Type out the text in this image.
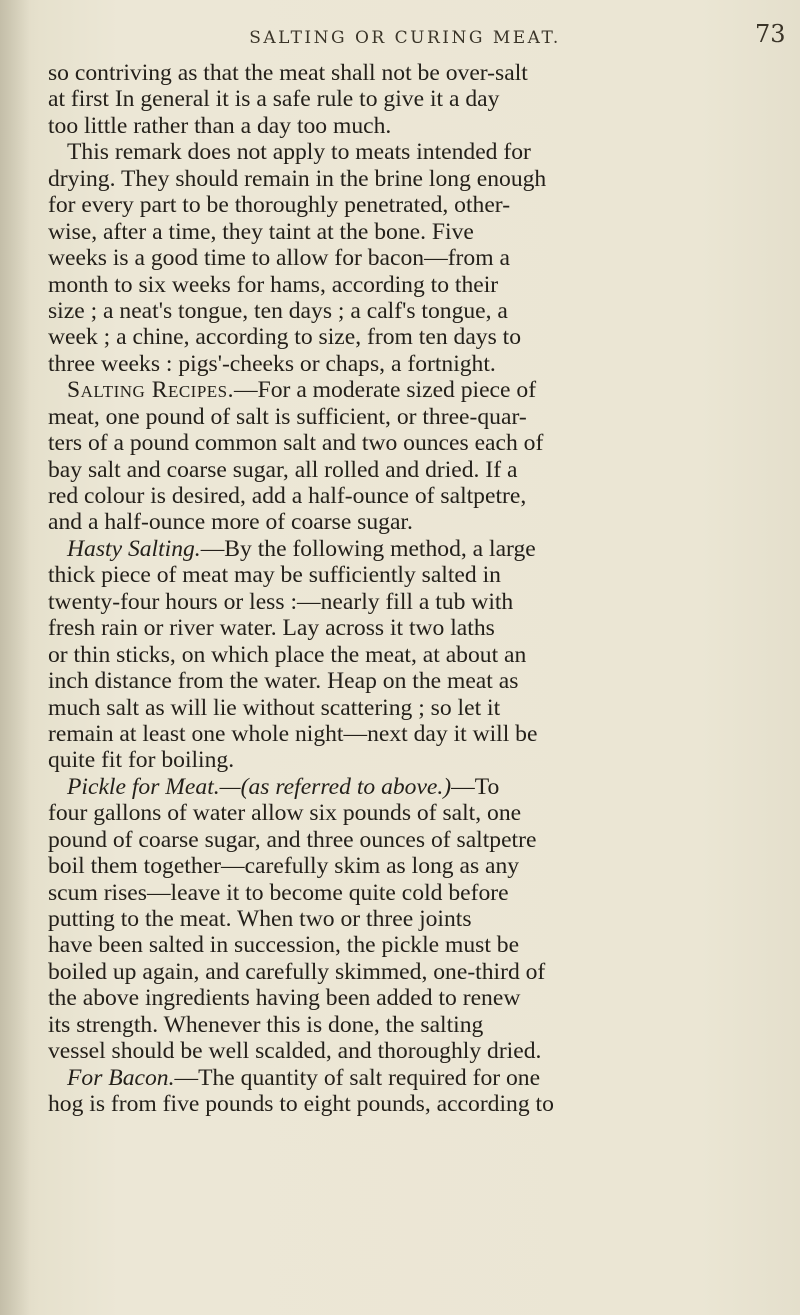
SALTING OR CURING MEAT.	73
so contriving as that the meat shall not be over-salt
at first In general it is a safe rule to give it a day
too little rather than a day too much.
This remark does not apply to meats intended for
drying. They should remain in the brine long enough
for every part to be thoroughly penetrated, other-
wise, after a time, they taint at the bone. Five
weeks is a good time to allow for bacon—from a
month to six weeks for hams, according to their
size ; a neat's tongue, ten days ; a calf's tongue, a
week ; a chine, according to size, from ten days to
three weeks : pigs'-cheeks or chaps, a fortnight.
Salting Recipes.—For a moderate sized piece of
meat, one pound of salt is sufficient, or three-quar-
ters of a pound common salt and two ounces each of
bay salt and coarse sugar, all rolled and dried. If a
red colour is desired, add a half-ounce of saltpetre,
and a half-ounce more of coarse sugar.
Hasty Salting.—By the following method, a large
thick piece of meat may be sufficiently salted in
twenty-four hours or less :—nearly fill a tub with
fresh rain or river water. Lay across it two laths
or thin sticks, on which place the meat, at about an
inch distance from the water. Heap on the meat as
much salt as will lie without scattering ; so let it
remain at least one whole night—next day it will be
quite fit for boiling.
Pickle for Meat.—(as referred to above.)—To
four gallons of water allow six pounds of salt, one
pound of coarse sugar, and three ounces of saltpetre
boil them together—carefully skim as long as any
scum rises—leave it to become quite cold before
putting to the meat. When two or three joints
have been salted in succession, the pickle must be
boiled up again, and carefully skimmed, one-third of
the above ingredients having been added to renew
its strength. Whenever this is done, the salting
vessel should be well scalded, and thoroughly dried.
For Bacon.—The quantity of salt required for one
hog is from five pounds to eight pounds, according to
